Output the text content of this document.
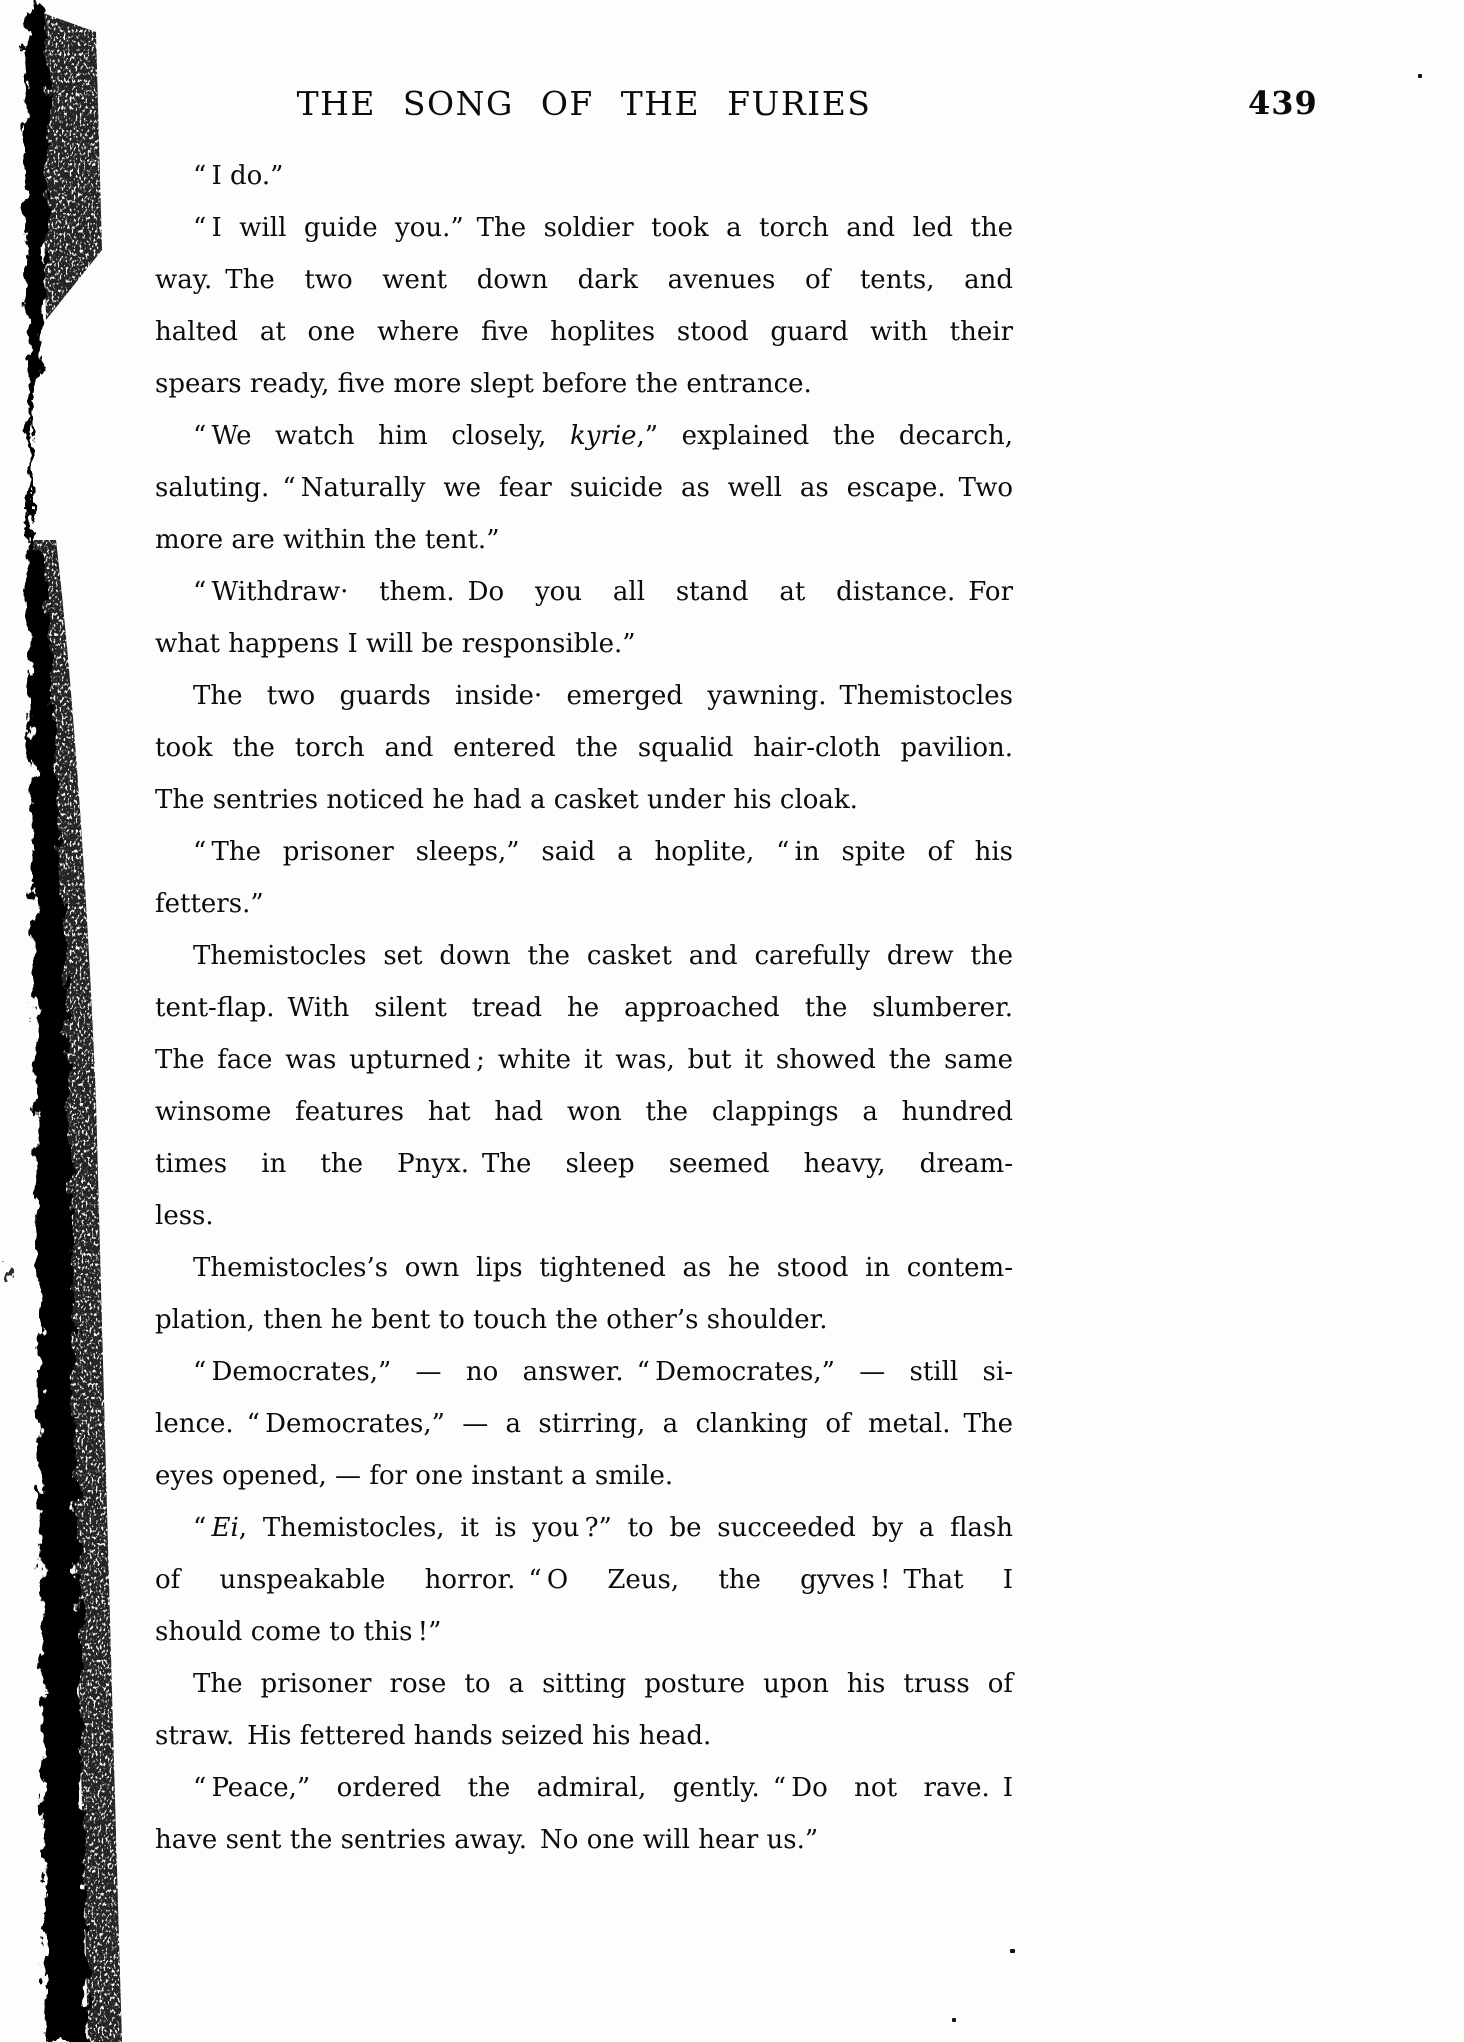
THE SONG OF THE FURIES	439
“ I do.”
“ I will guide you.” The soldier took a torch and led the
way. The two went down dark avenues of tents, and
halted at one where five hoplites stood guard with their
spears ready, five more slept before the entrance.
“ We watch him closely, kyrie,” explained the decarch,
saluting. “ Naturally we fear suicide as well as escape. Two
more are within the tent.”
“ Withdraw· them. Do you all stand at distance. For
what happens I will be responsible.”
The two guards inside· emerged yawning. Themistocles
took the torch and entered the squalid hair-cloth pavilion.
The sentries noticed he had a casket under his cloak.
“ The prisoner sleeps,” said a hoplite, “ in spite of his
fetters.”
Themistocles set down the casket and carefully drew the
tent-flap. With silent tread he approached the slumberer.
The face was upturned ; white it was, but it showed the same
winsome features hat had won the clappings a hundred
times in the Pnyx. The sleep seemed heavy, dream-
less.
Themistocles’s own lips tightened as he stood in contem-
plation, then he bent to touch the other’s shoulder.
“ Democrates,” — no answer. “ Democrates,” — still si-
lence. “ Democrates,” — a stirring, a clanking of metal. The
eyes opened, — for one instant a smile.
“ Ei, Themistocles, it is you ?” to be succeeded by a flash
of unspeakable horror. “ O Zeus, the gyves ! That I
should come to this !”
The prisoner rose to a sitting posture upon his truss of
straw. His fettered hands seized his head.
“ Peace,” ordered the admiral, gently. “ Do not rave. I
have sent the sentries away. No one will hear us.”
